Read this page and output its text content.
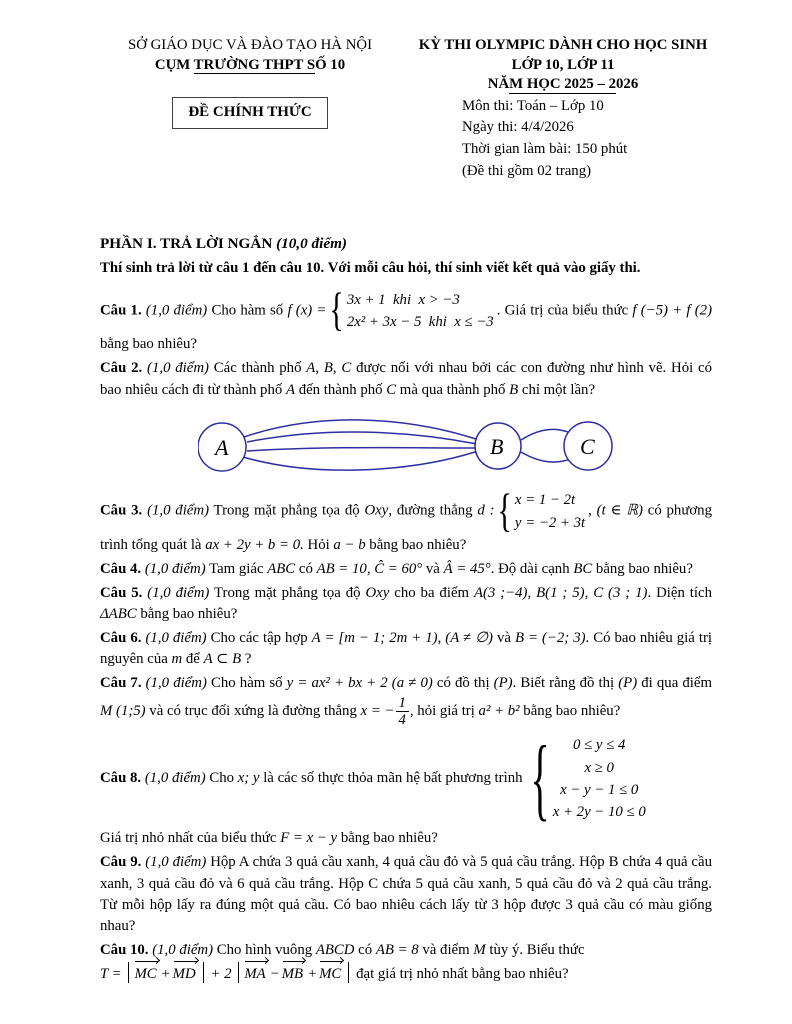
SỞ GIÁO DỤC VÀ ĐÀO TẠO HÀ NỘI
CỤM TRƯỜNG THPT SỐ 10
ĐỀ CHÍNH THỨC
KỲ THI OLYMPIC DÀNH CHO HỌC SINH
LỚP 10, LỚP 11
NĂM HỌC 2025 – 2026
Môn thi: Toán – Lớp 10
Ngày thi: 4/4/2026
Thời gian làm bài: 150 phút
(Đề thi gồm 02 trang)

PHẦN I. TRẢ LỜI NGẮN (10,0 điểm)

Thí sinh trả lời từ câu 1 đến câu 10. Với mỗi câu hỏi, thí sinh viết kết quả vào giấy thi.

Câu 1. (1,0 điểm) Cho hàm số f (x) = { 3x + 1  khi  x > −3
2x² + 3x − 5  khi  x ≤ −3
. Giá trị của biểu thức f (−5) + f (2) bằng bao nhiêu?

Câu 2. (1,0 điểm) Các thành phố A, B, C được nối với nhau bởi các con đường như hình vẽ. Hỏi có bao nhiêu cách đi từ thành phố A đến thành phố C mà qua thành phố B chỉ một lần?

A	B	C

Câu 3. (1,0 điểm) Trong mặt phẳng tọa độ Oxy, đường thẳng d : { x = 1 − 2t
y = −2 + 3t
, (t ∈ ℝ) có phương trình tổng quát là ax + 2y + b = 0. Hỏi a − b bằng bao nhiêu?

Câu 4. (1,0 điểm) Tam giác ABC có AB = 10, Ĉ = 60° và Â = 45°. Độ dài cạnh BC bằng bao nhiêu?

Câu 5. (1,0 điểm) Trong mặt phẳng tọa độ Oxy cho ba điểm A(3 ;−4), B(1 ; 5), C (3 ; 1). Diện tích ΔABC bằng bao nhiêu?

Câu 6. (1,0 điểm) Cho các tập hợp A = [m − 1; 2m + 1), (A ≠ ∅) và B = (−2; 3). Có bao nhiêu giá trị nguyên của m để A ⊂ B ?

Câu 7. (1,0 điểm) Cho hàm số y = ax² + bx + 2 (a ≠ 0) có đồ thị (P). Biết rằng đồ thị (P) đi qua điểm M (1;5) và có trục đối xứng là đường thẳng x = − $\frac{1}{4}$ , hỏi giá trị a² + b² bằng bao nhiêu?

Câu 8. (1,0 điểm) Cho x; y là các số thực thỏa mãn hệ bất phương trình { 0 ≤ y ≤ 4
x ≥ 0
x − y − 1 ≤ 0
x + 2y − 10 ≤ 0

Giá trị nhỏ nhất của biểu thức F = x − y bằng bao nhiêu?

Câu 9. (1,0 điểm) Hộp A chứa 3 quả cầu xanh, 4 quả cầu đỏ và 5 quả cầu trắng. Hộp B chứa 4 quả cầu xanh, 3 quả cầu đỏ và 6 quả cầu trắng. Hộp C chứa 5 quả cầu xanh, 5 quả cầu đỏ và 2 quả cầu trắng. Từ mỗi hộp lấy ra đúng một quả cầu. Có bao nhiêu cách lấy từ 3 hộp được 3 quả cầu có màu giống nhau?

Câu 10. (1,0 điểm) Cho hình vuông ABCD có AB = 8 và điểm M tùy ý. Biểu thức
T = MC + MD + 2 MA − MB + MC đạt giá trị nhỏ nhất bằng bao nhiêu?
